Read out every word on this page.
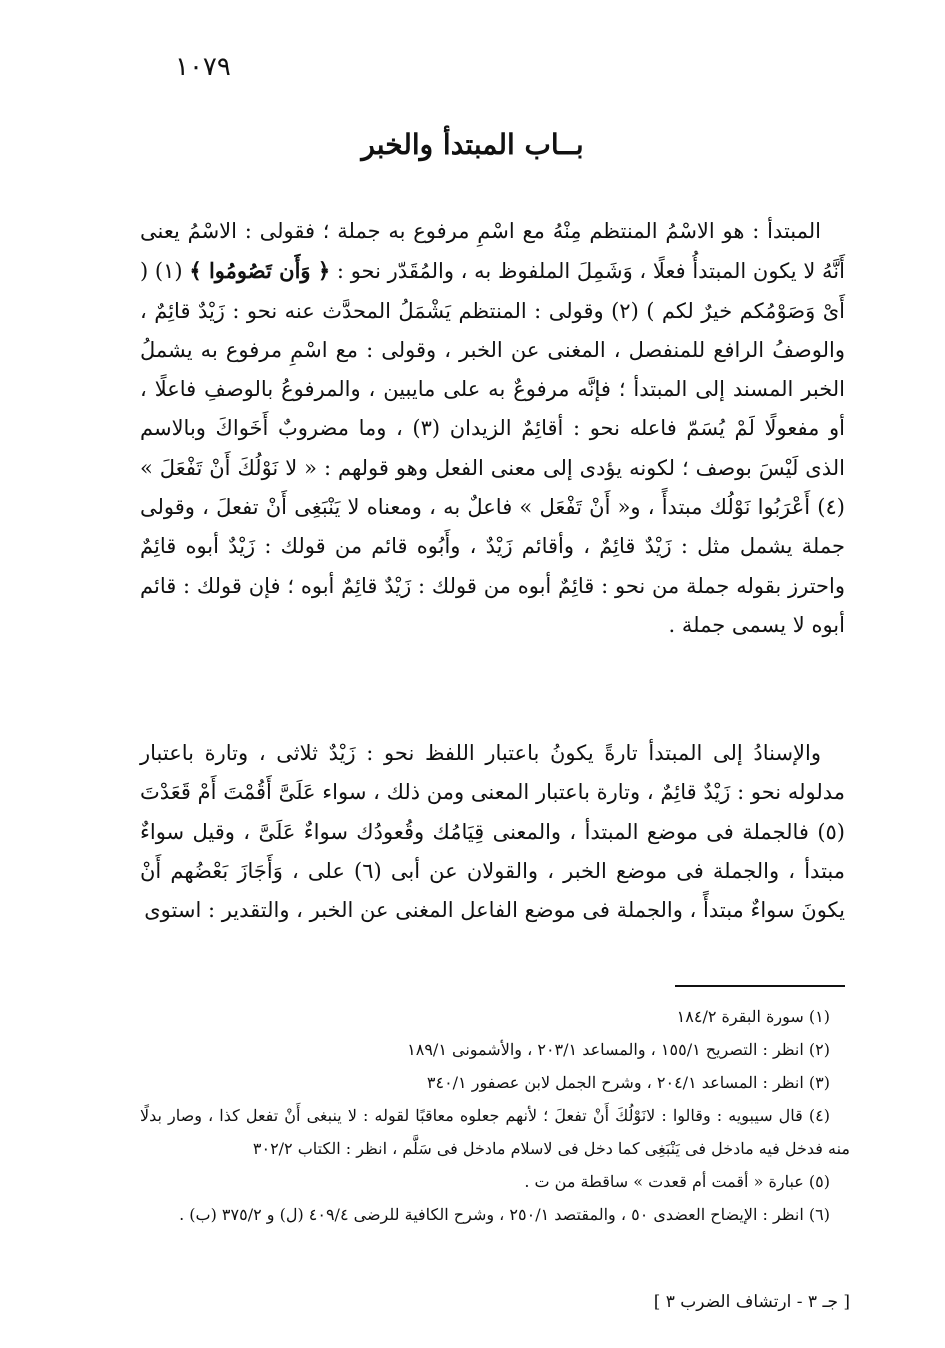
١٠٧٩
بــاب المبتدأ والخبر

المبتدأ : هو الاسْمُ المنتظم مِنْهُ مع اسْمِ مرفوع به جملة ؛ فقولى : الاسْمُ يعنى أَنَّهُ لا يكون المبتدأُ فعلًا ، وَشَمِلَ الملفوظ به ، والمُقَدّر نحو : ﴿ وَأَن تَصُومُوا ﴾ (١) ( أَىْ وَصَوْمُكم خيرٌ لكم ) (٢) وقولى : المنتظم يَشْمَلُ المحدَّث عنه نحو : زَيْدٌ قائِمٌ ، والوصفُ الرافع للمنفصل ، المغنى عن الخبر ، وقولى : مع اسْمِ مرفوع به يشملُ الخبر المسند إلى المبتدأ ؛ فإنَّه مرفوعٌ به على مايبين ، والمرفوعُ بالوصفِ فاعلًا ، أو مفعولًا لَمْ يُسَمّ فاعله نحو : أقائِمٌ الزيدان (٣) ، وما مضروبٌ أَخَواكَ وبالاسم الذى لَيْسَ بوصف ؛ لكونه يؤدى إلى معنى الفعل وهو قولهم : « لا نَوْلُكَ أَنْ تَفْعَلَ » (٤) أَعْرَبُوا نَوْلُك مبتدأً ، و« أَنْ تَفْعَل » فاعلٌ به ، ومعناه لا يَنْبَغِى أَنْ تفعلَ ، وقولى جملة يشمل مثل : زَيْدٌ قائِمٌ ، وأقائم زَيْدٌ ، وأَبُوه قائم من قولك : زَيْدٌ أبوه قائِمٌ واحترز بقوله جملة من نحو : قائِمٌ أبوه من قولك : زَيْدٌ قائِمٌ أبوه ؛ فإن قولك : قائم أبوه لا يسمى جملة .

والإسنادُ إلى المبتدأ تارةً يكونُ باعتبار اللفظ نحو : زَيْدٌ ثلاثى ، وتارة باعتبار مدلوله نحو : زَيْدٌ قائِمٌ ، وتارة باعتبار المعنى ومن ذلك ، سواء عَلَىَّ أَقُمْتَ أَمْ قَعَدْتَ (٥) فالجملة فى موضع المبتدأ ، والمعنى قِيَامُك وقُعودُك سواءٌ عَلَىَّ ، وقيل سواءٌ مبتدأ ، والجملة فى موضع الخبر ، والقولان عن أبى (٦) على ، وَأَجَازَ بَعْضُهم أَنْ يكونَ سواءٌ مبتدأً ، والجملة فى موضع الفاعل المغنى عن الخبر ، والتقدير : استوى

(١) سورة البقرة ١٨٤/٢
(٢) انظر : التصريح ١٥٥/١ ، والمساعد ٢٠٣/١ ، والأشمونى ١٨٩/١
(٣) انظر : المساعد ٢٠٤/١ ، وشرح الجمل لابن عصفور ٣٤٠/١
(٤) قال سيبويه : وقالوا : لانَوْلُكَ أَنْ تفعلَ ؛ لأنهم جعلوه معاقبًا لقوله : لا ينبغى أَنْ تفعل كذا ، وصار بدلًا منه فدخل فيه مادخل فى يَنْبَغِى كما دخل فى لاسلام مادخل فى سَلَّم ، انظر : الكتاب ٣٠٢/٢
(٥) عبارة « أقمت أم قعدت » ساقطة من ت .
(٦) انظر : الإيضاح العضدى ٥٠ ، والمقتصد ٢٥٠/١ ، وشرح الكافية للرضى ٤٠٩/٤ (ل) و ٣٧٥/٢ (ب) .
[ جـ ٣ - ارتشاف الضرب ٣ ]
